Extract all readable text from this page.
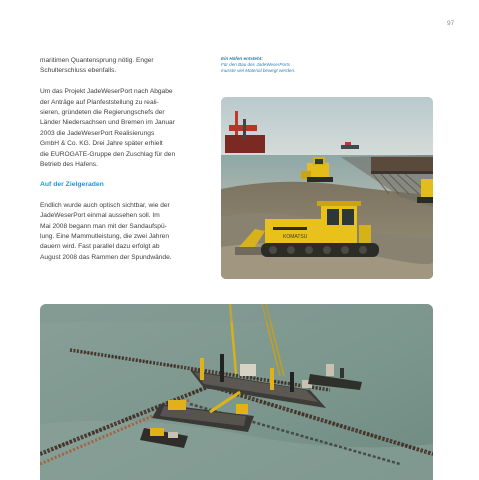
97

maritimen Quantensprung nötig. Enger
Schulterschluss ebenfalls.

Um das Projekt JadeWeserPort nach Abgabe
der Anträge auf Planfeststellung zu reali-
sieren, gründeten die Regierungschefs der
Länder Niedersachsen und Bremen im Januar
2003 die JadeWeserPort Realisierungs
GmbH & Co. KG. Drei Jahre später erhielt
die EUROGATE-Gruppe den Zuschlag für den
Betrieb des Hafens.

Auf der Zielgeraden

Endlich wurde auch optisch sichtbar, wie der
JadeWeserPort einmal aussehen soll. Im
Mai 2008 begann man mit der Sandaufspü-
lung. Eine Mammutleistung, die zwei Jahren
dauern wird. Fast parallel dazu erfolgt ab
August 2008 das Rammen der Spundwände.

Ein Hafen entsteht:
Für den Bau des JadeWeserPorts
musste viel Material bewegt werden.
KOMATSU
